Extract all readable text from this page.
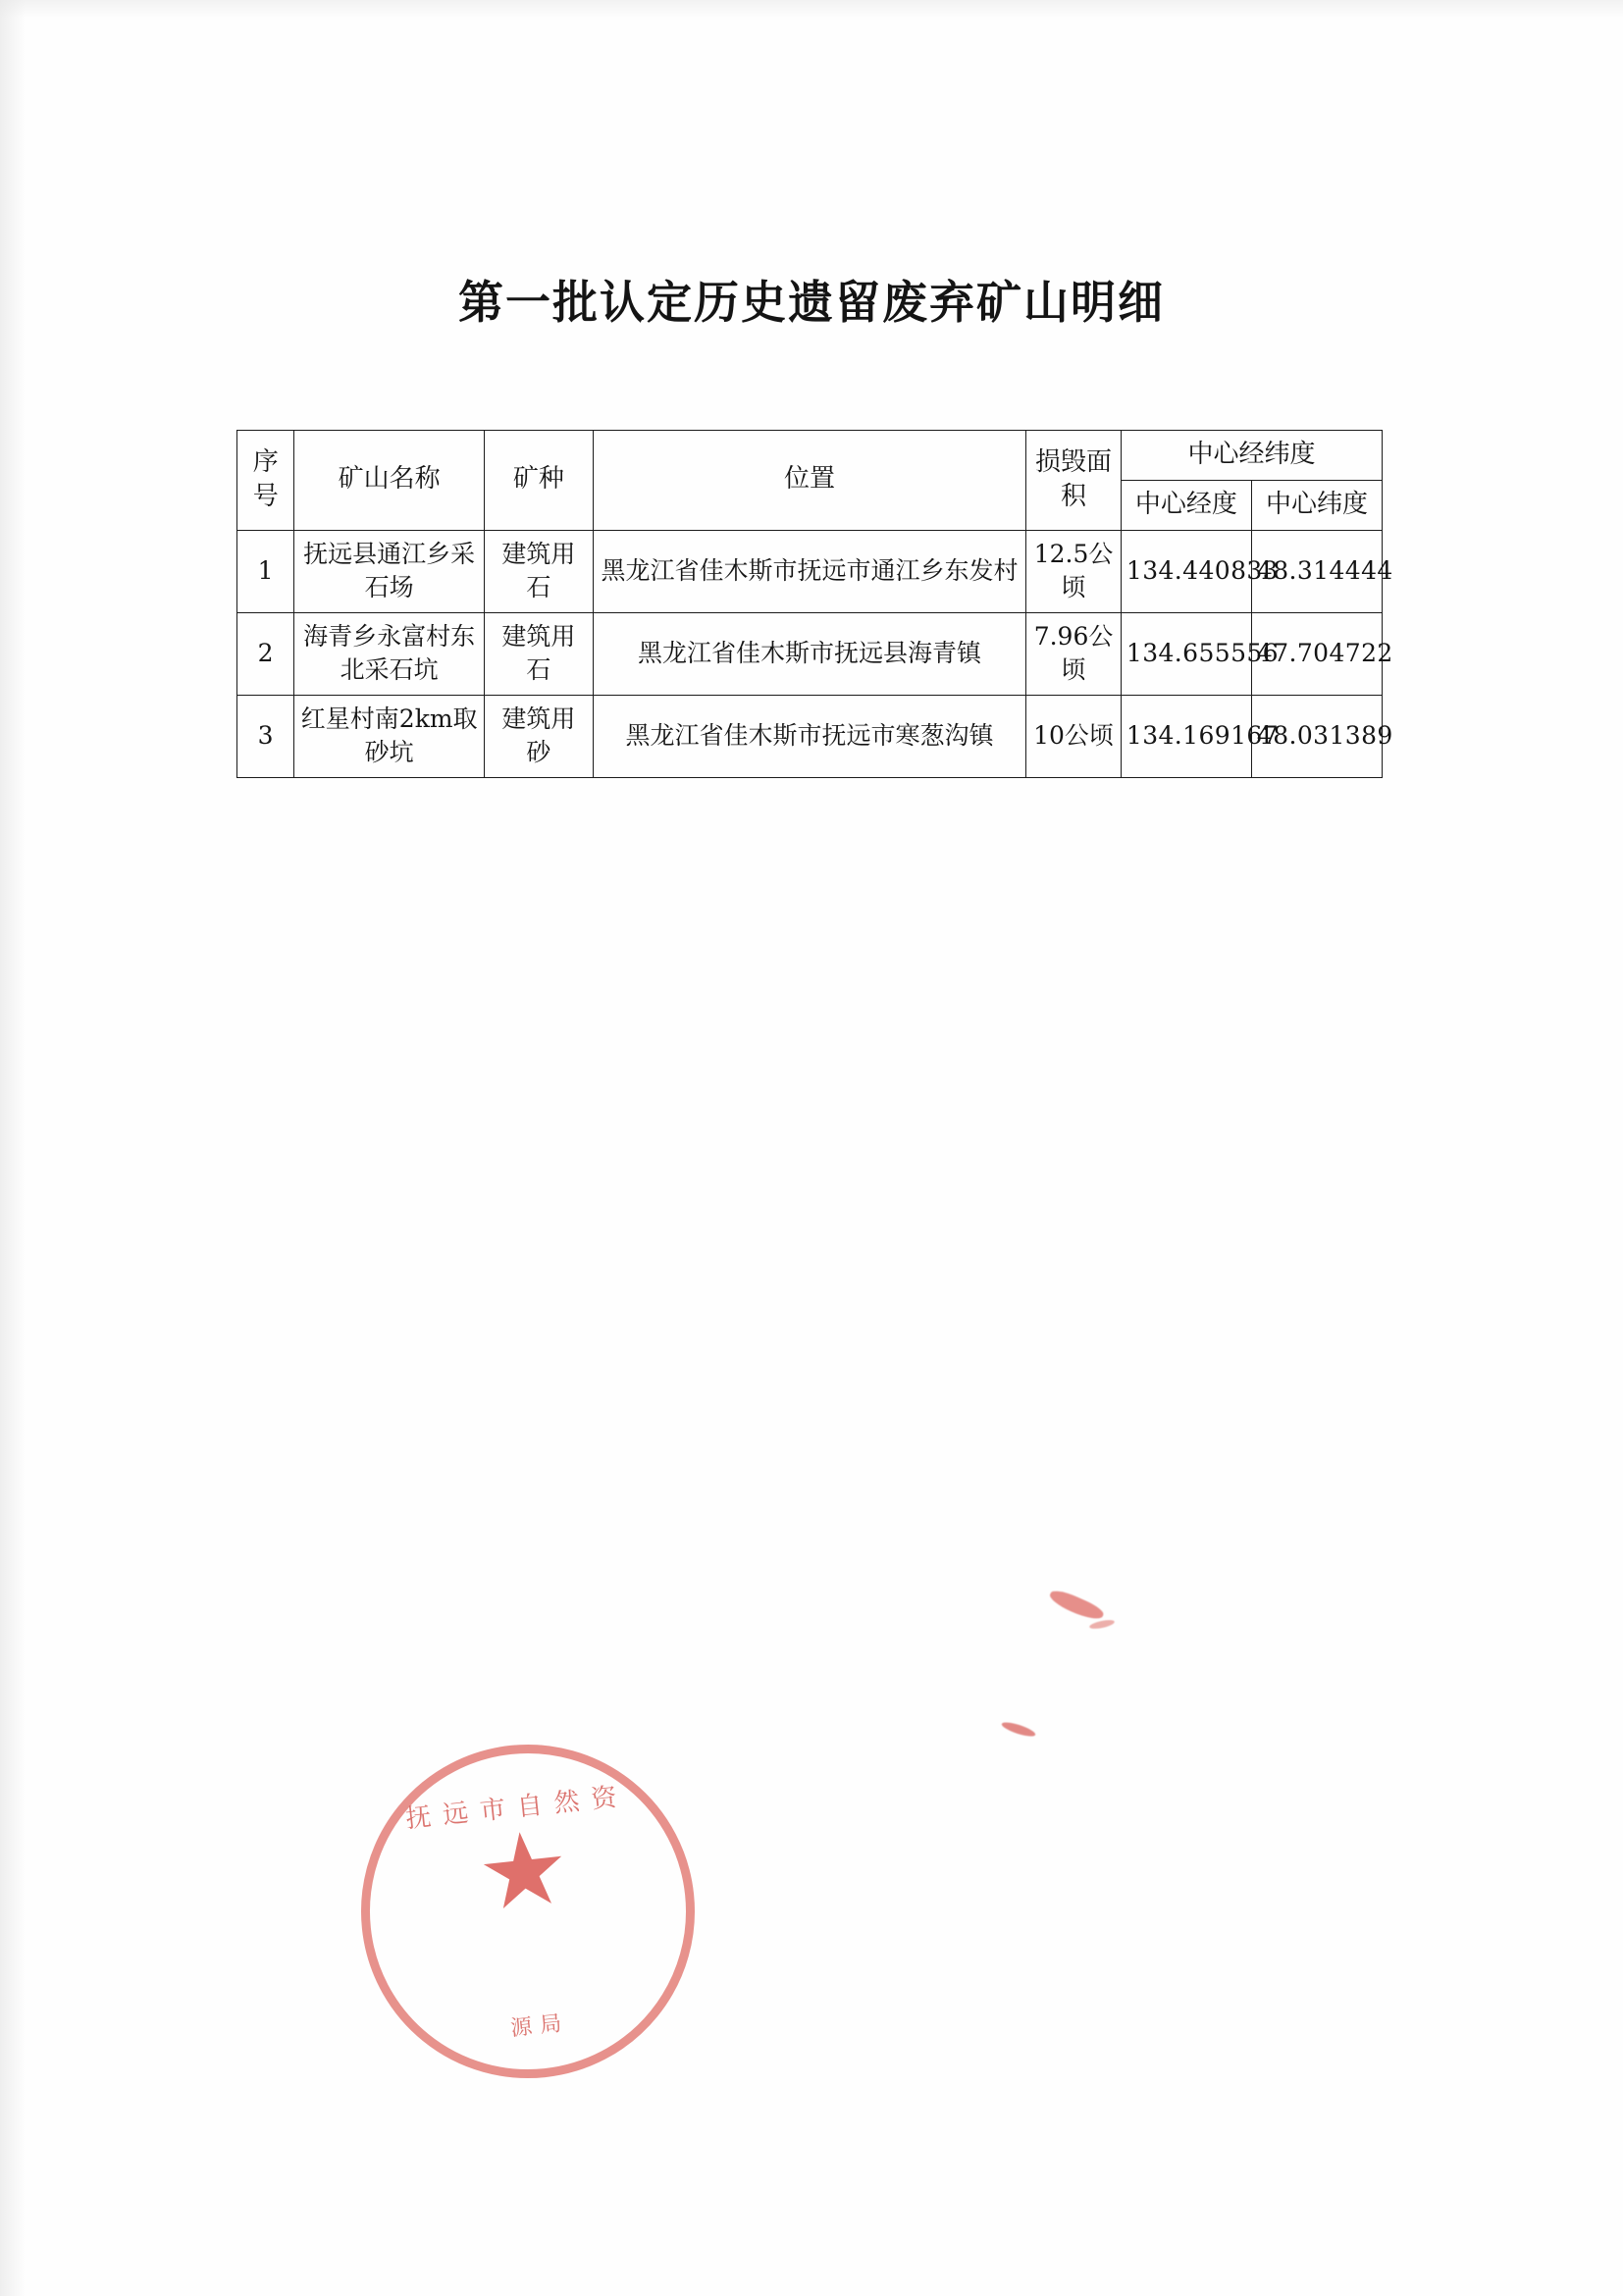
第一批认定历史遗留废弃矿山明细
序号	矿山名称	矿种	位置	损毁面积	中心经纬度	
					中心经度	中心纬度
1	抚远县通江乡采石场	建筑用石	黑龙江省佳木斯市抚远市通江乡东发村	12.5公顷	134.440833	48.314444
2	海青乡永富村东北采石坑	建筑用石	黑龙江省佳木斯市抚远县海青镇	7.96公顷	134.655556	47.704722
3	红星村南2km取砂坑	建筑用砂	黑龙江省佳木斯市抚远市寒葱沟镇	10公顷	134.169167	48.031389
抚远市自然资
源局
★
